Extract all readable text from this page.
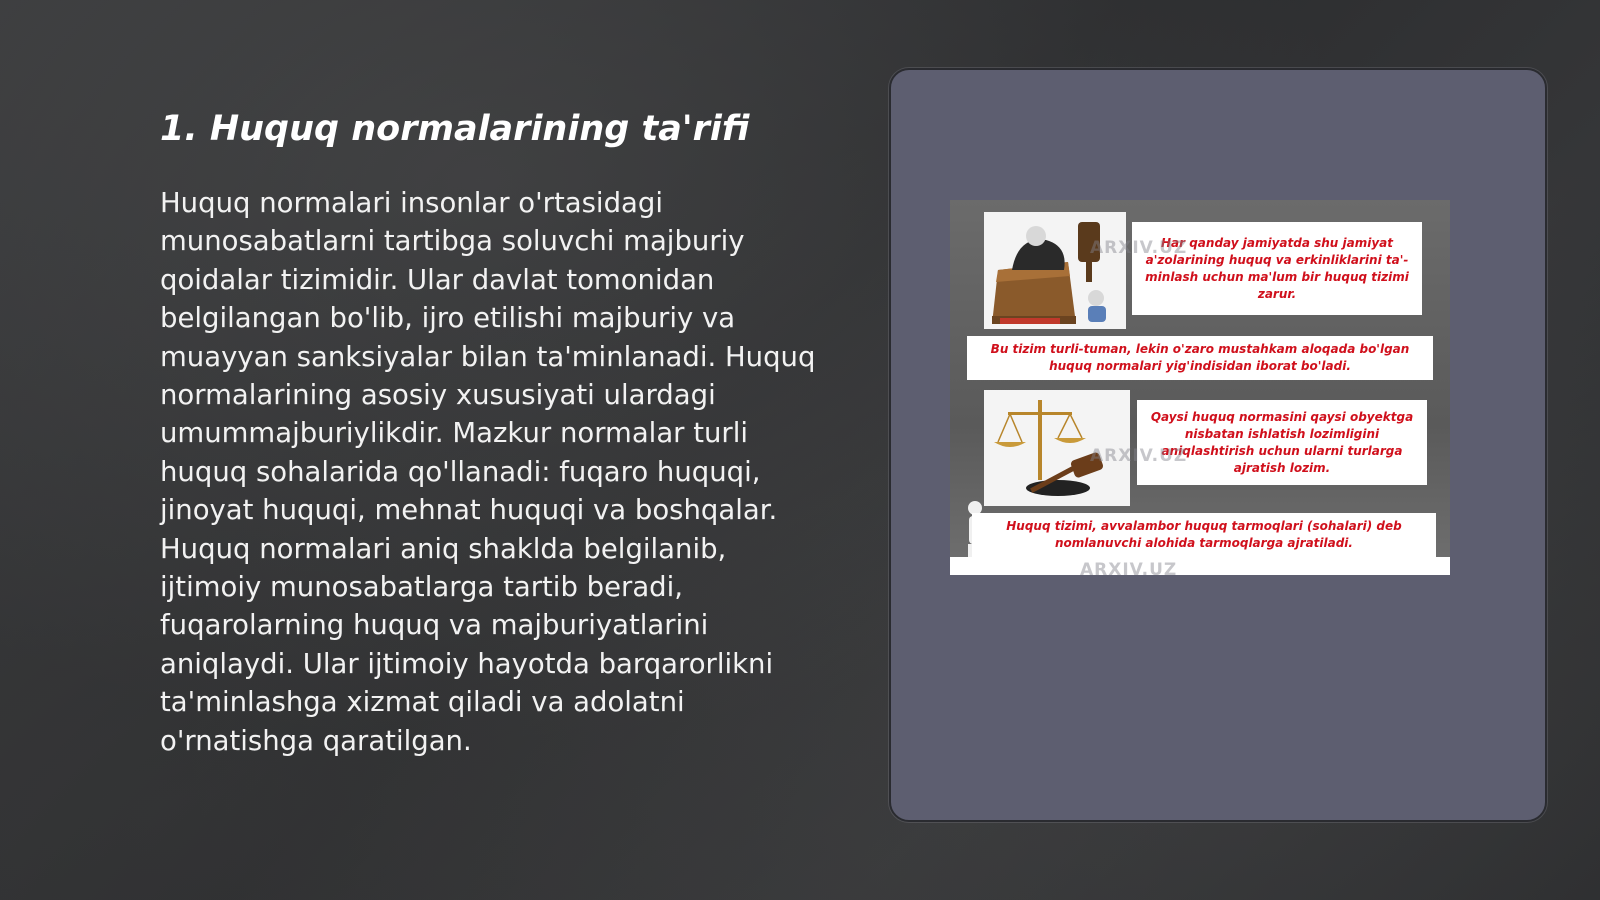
1. Huquq normalarining ta'rifi

Huquq normalari insonlar o'rtasidagi munosabatlarni tartibga soluvchi majburiy qoidalar tizimidir. Ular davlat tomonidan belgilangan bo'lib, ijro etilishi majburiy va muayyan sanksiyalar bilan ta'minlanadi. Huquq normalarining asosiy xususiyati ulardagi umummajburiylikdir. Mazkur normalar turli huquq sohalarida qo'llanadi: fuqaro huquqi, jinoyat huquqi, mehnat huquqi va boshqalar. Huquq normalari aniq shaklda belgilanib, ijtimoiy munosabatlarga tartib beradi, fuqarolarning huquq va majburiyatlarini aniqlaydi. Ular ijtimoiy hayotda barqarorlikni ta'minlashga xizmat qiladi va adolatni o'rnatishga qaratilgan.

Har qanday jamiyatda shu jamiyat a'zolarining huquq va erkinliklarini ta'-minlash uchun ma'lum bir huquq tizimi zarur.
Bu tizim turli-tuman, lekin o'zaro mustahkam aloqada bo'lgan huquq normalari yig'indisidan iborat bo'ladi.
Qaysi huquq normasini qaysi obyektga nisbatan ishlatish lozimligini aniqlashtirish uchun ularni turlarga ajratish lozim.
Huquq tizimi, avvalambor huquq tarmoqlari (sohalari) deb nomlanuvchi alohida tarmoqlarga ajratiladi.
ARXIV.UZ
ARXIV.UZ
ARXIV.UZ
